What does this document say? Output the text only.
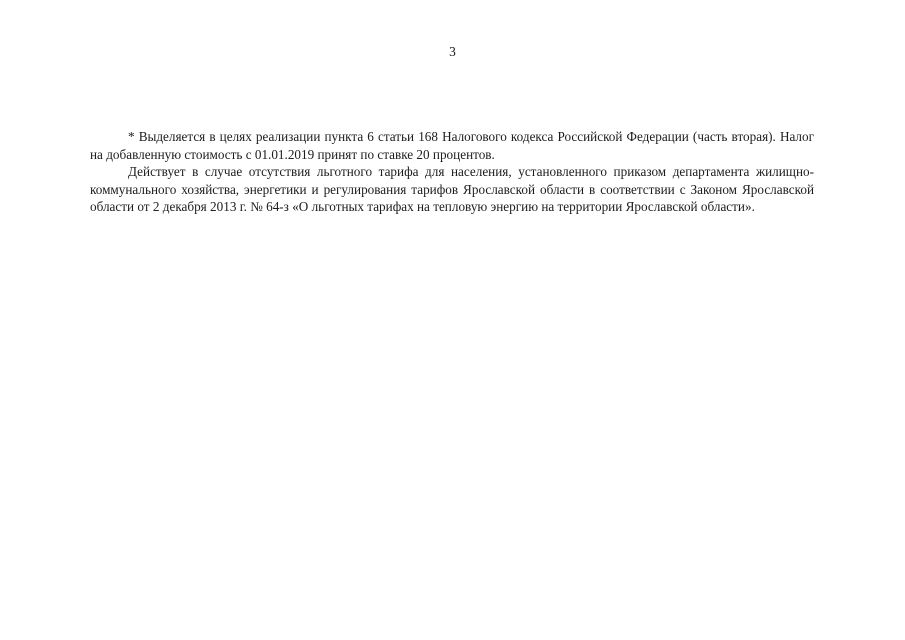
3

* Выделяется в целях реализации пункта 6 статьи 168 Налогового кодекса Российской Федерации (часть вторая). Налог на добавленную стоимость с 01.01.2019 принят по ставке 20 процентов.

Действует в случае отсутствия льготного тарифа для населения, установленного приказом департамента жилищно- коммунального хозяйства, энергетики и регулирования тарифов Ярославской области в соответствии с Законом Ярославской области от 2 декабря 2013 г. № 64-з «О льготных тарифах на тепловую энергию на территории Ярославской области».
